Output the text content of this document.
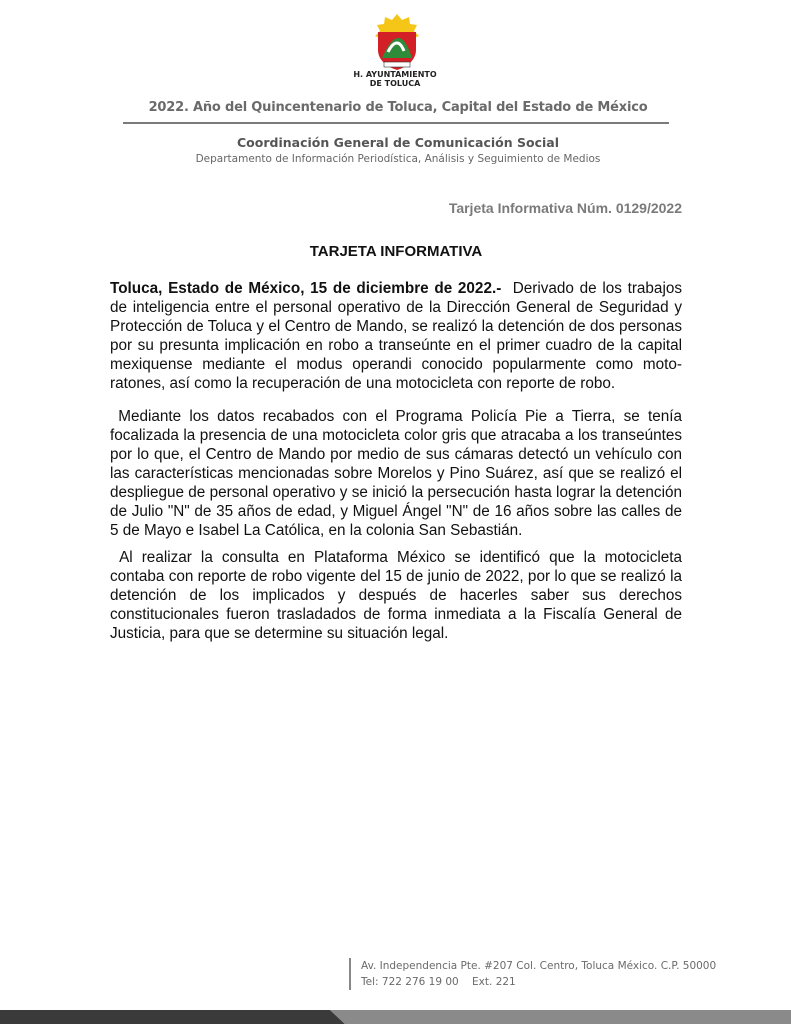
H. AYUNTAMIENTO
DE TOLUCA
2022. Año del Quincentenario de Toluca, Capital del Estado de México
Coordinación General de Comunicación Social
Departamento de Información Periodística, Análisis y Seguimiento de Medios
Tarjeta Informativa Núm. 0129/2022
TARJETA INFORMATIVA
Toluca, Estado de México, 15 de diciembre de 2022.- Derivado de los trabajos de inteligencia entre el personal operativo de la Dirección General de Seguridad y Protección de Toluca y el Centro de Mando, se realizó la detención de dos personas por su presunta implicación en robo a transeúnte en el primer cuadro de la capital mexiquense mediante el modus operandi conocido popularmente como moto-ratones, así como la recuperación de una motocicleta con reporte de robo.
Mediante los datos recabados con el Programa Policía Pie a Tierra, se tenía focalizada la presencia de una motocicleta color gris que atracaba a los transeúntes por lo que, el Centro de Mando por medio de sus cámaras detectó un vehículo con las características mencionadas sobre Morelos y Pino Suárez, así que se realizó el despliegue de personal operativo y se inició la persecución hasta lograr la detención de Julio "N" de 35 años de edad, y Miguel Ángel "N" de 16 años sobre las calles de 5 de Mayo e Isabel La Católica, en la colonia San Sebastián.
Al realizar la consulta en Plataforma México se identificó que la motocicleta contaba con reporte de robo vigente del 15 de junio de 2022, por lo que se realizó la detención de los implicados y después de hacerles saber sus derechos constitucionales fueron trasladados de forma inmediata a la Fiscalía General de Justicia, para que se determine su situación legal.
Av. Independencia Pte. #207 Col. Centro, Toluca México. C.P. 50000
Tel: 722 276 19 00    Ext. 221
